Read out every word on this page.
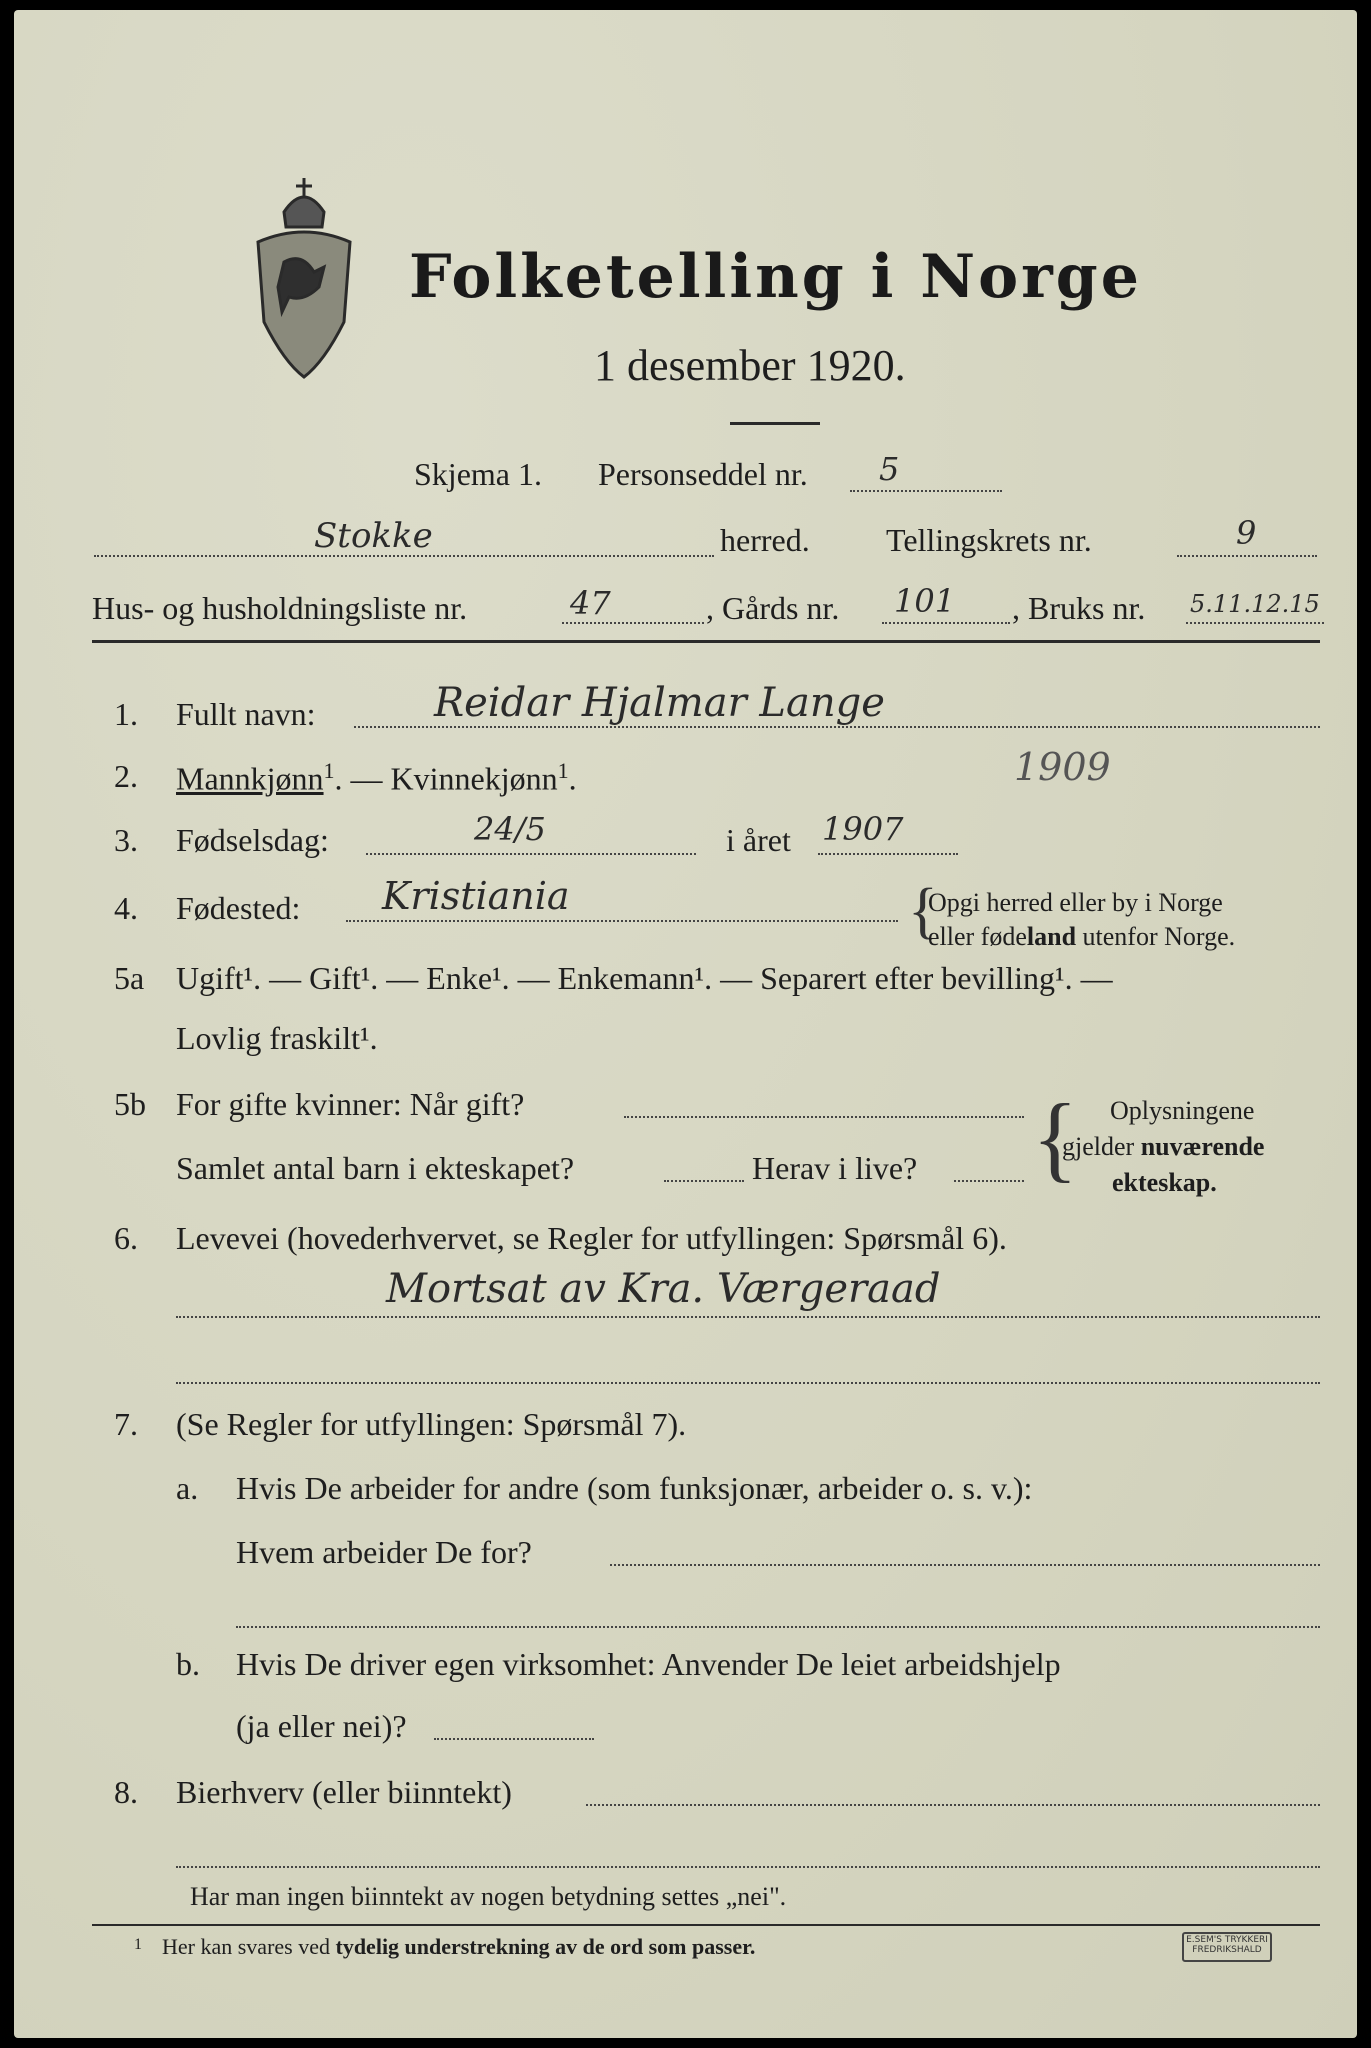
Folketelling i Norge
1 desember 1920.
Skjema 1. Personseddel nr. 5
Stokke	herred. Tellingskrets nr.	9
Hus- og husholdningsliste nr.	47	, Gårds nr. 101 , Bruks nr. 5.11.12.15
1. Fullt navn:	Reidar Hjalmar Lange
2. Mannkjønn$^1$. — Kvinnekjønn$^1$.	1909
3. Fødselsdag:	24/5	i året 1907
4. Fødested: Kristiania	{
Opgi herred eller by i Norge
eller fødeland utenfor Norge.
5a Ugift¹. — Gift¹. — Enke¹. — Enkemann¹. — Separert efter bevilling¹. —
Lovlig fraskilt¹.
5b For gifte kvinner: Når gift?
Samlet antal barn i ekteskapet?	Herav i live? { Oplysningene
gjelder nuværende
ekteskap.
6. Levevei (hovederhvervet, se Regler for utfyllingen: Spørsmål 6).
Mortsat av Kra. Værgeraad
7. (Se Regler for utfyllingen: Spørsmål 7).
a. Hvis De arbeider for andre (som funksjonær, arbeider o. s. v.):
Hvem arbeider De for?
b. Hvis De driver egen virksomhet: Anvender De leiet arbeidshjelp
(ja eller nei)?
8. Bierhverv (eller biinntekt)
Har man ingen biinntekt av nogen betydning settes „nei".
1 Her kan svares ved tydelig understrekning av de ord som passer.	E.SEM'S TRYKKERI FREDRIKSHALD
